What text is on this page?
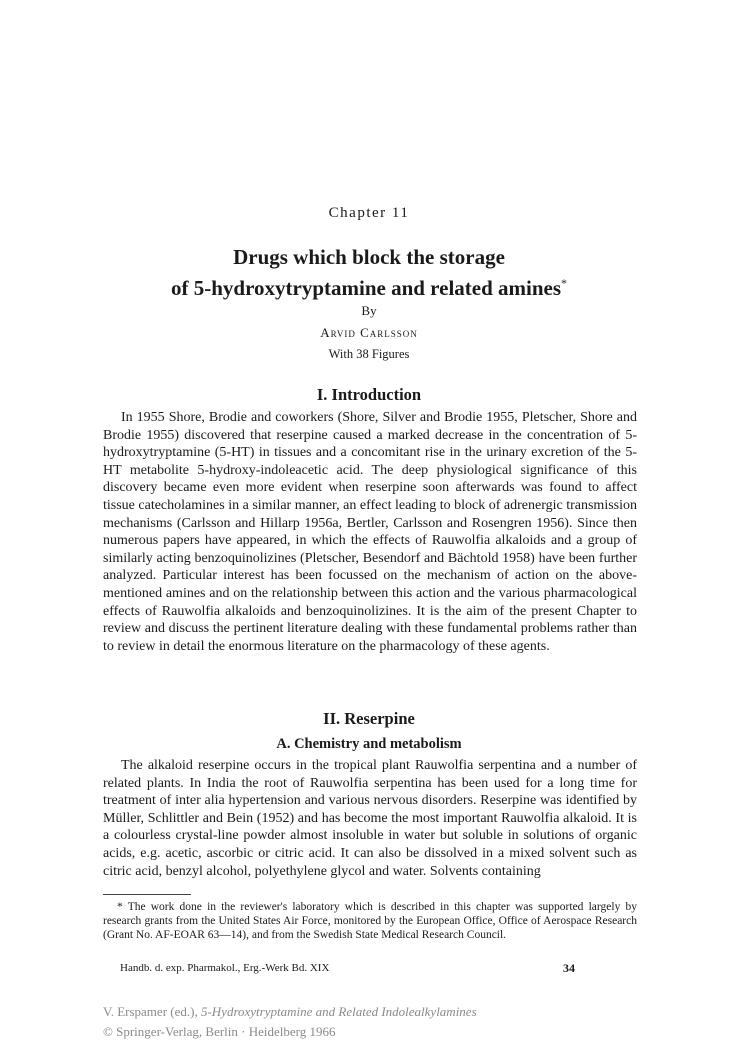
Chapter 11
Drugs which block the storage
of 5-hydroxytryptamine and related amines*
By
Arvid Carlsson
With 38 Figures
I. Introduction

In 1955 Shore, Brodie and coworkers (Shore, Silver and Brodie 1955, Pletscher, Shore and Brodie 1955) discovered that reserpine caused a marked decrease in the concentration of 5-hydroxytryptamine (5-HT) in tissues and a concomitant rise in the urinary excretion of the 5-HT metabolite 5-hydroxy-indoleacetic acid. The deep physiological significance of this discovery became even more evident when reserpine soon afterwards was found to affect tissue catecholamines in a similar manner, an effect leading to block of adrenergic transmission mechanisms (Carlsson and Hillarp 1956a, Bertler, Carlsson and Rosengren 1956). Since then numerous papers have appeared, in which the effects of Rauwolfia alkaloids and a group of similarly acting benzoquinolizines (Pletscher, Besendorf and Bächtold 1958) have been further analyzed. Particular interest has been focussed on the mechanism of action on the above-mentioned amines and on the relationship between this action and the various pharmacological effects of Rauwolfia alkaloids and benzoquinolizines. It is the aim of the present Chapter to review and discuss the pertinent literature dealing with these fundamental problems rather than to review in detail the enormous literature on the pharmacology of these agents.

II. Reserpine
A. Chemistry and metabolism

The alkaloid reserpine occurs in the tropical plant Rauwolfia serpentina and a number of related plants. In India the root of Rauwolfia serpentina has been used for a long time for treatment of inter alia hypertension and various nervous disorders. Reserpine was identified by Müller, Schlittler and Bein (1952) and has become the most important Rauwolfia alkaloid. It is a colourless crystal-line powder almost insoluble in water but soluble in solutions of organic acids, e.g. acetic, ascorbic or citric acid. It can also be dissolved in a mixed solvent such as citric acid, benzyl alcohol, polyethylene glycol and water. Solvents containing

* The work done in the reviewer's laboratory which is described in this chapter was supported largely by research grants from the United States Air Force, monitored by the European Office, Office of Aerospace Research (Grant No. AF-EOAR 63—14), and from the Swedish State Medical Research Council.

Handb. d. exp. Pharmakol., Erg.-Werk Bd. XIX	34
V. Erspamer (ed.), 5-Hydroxytryptamine and Related Indolealkylamines
© Springer-Verlag, Berlin · Heidelberg 1966
